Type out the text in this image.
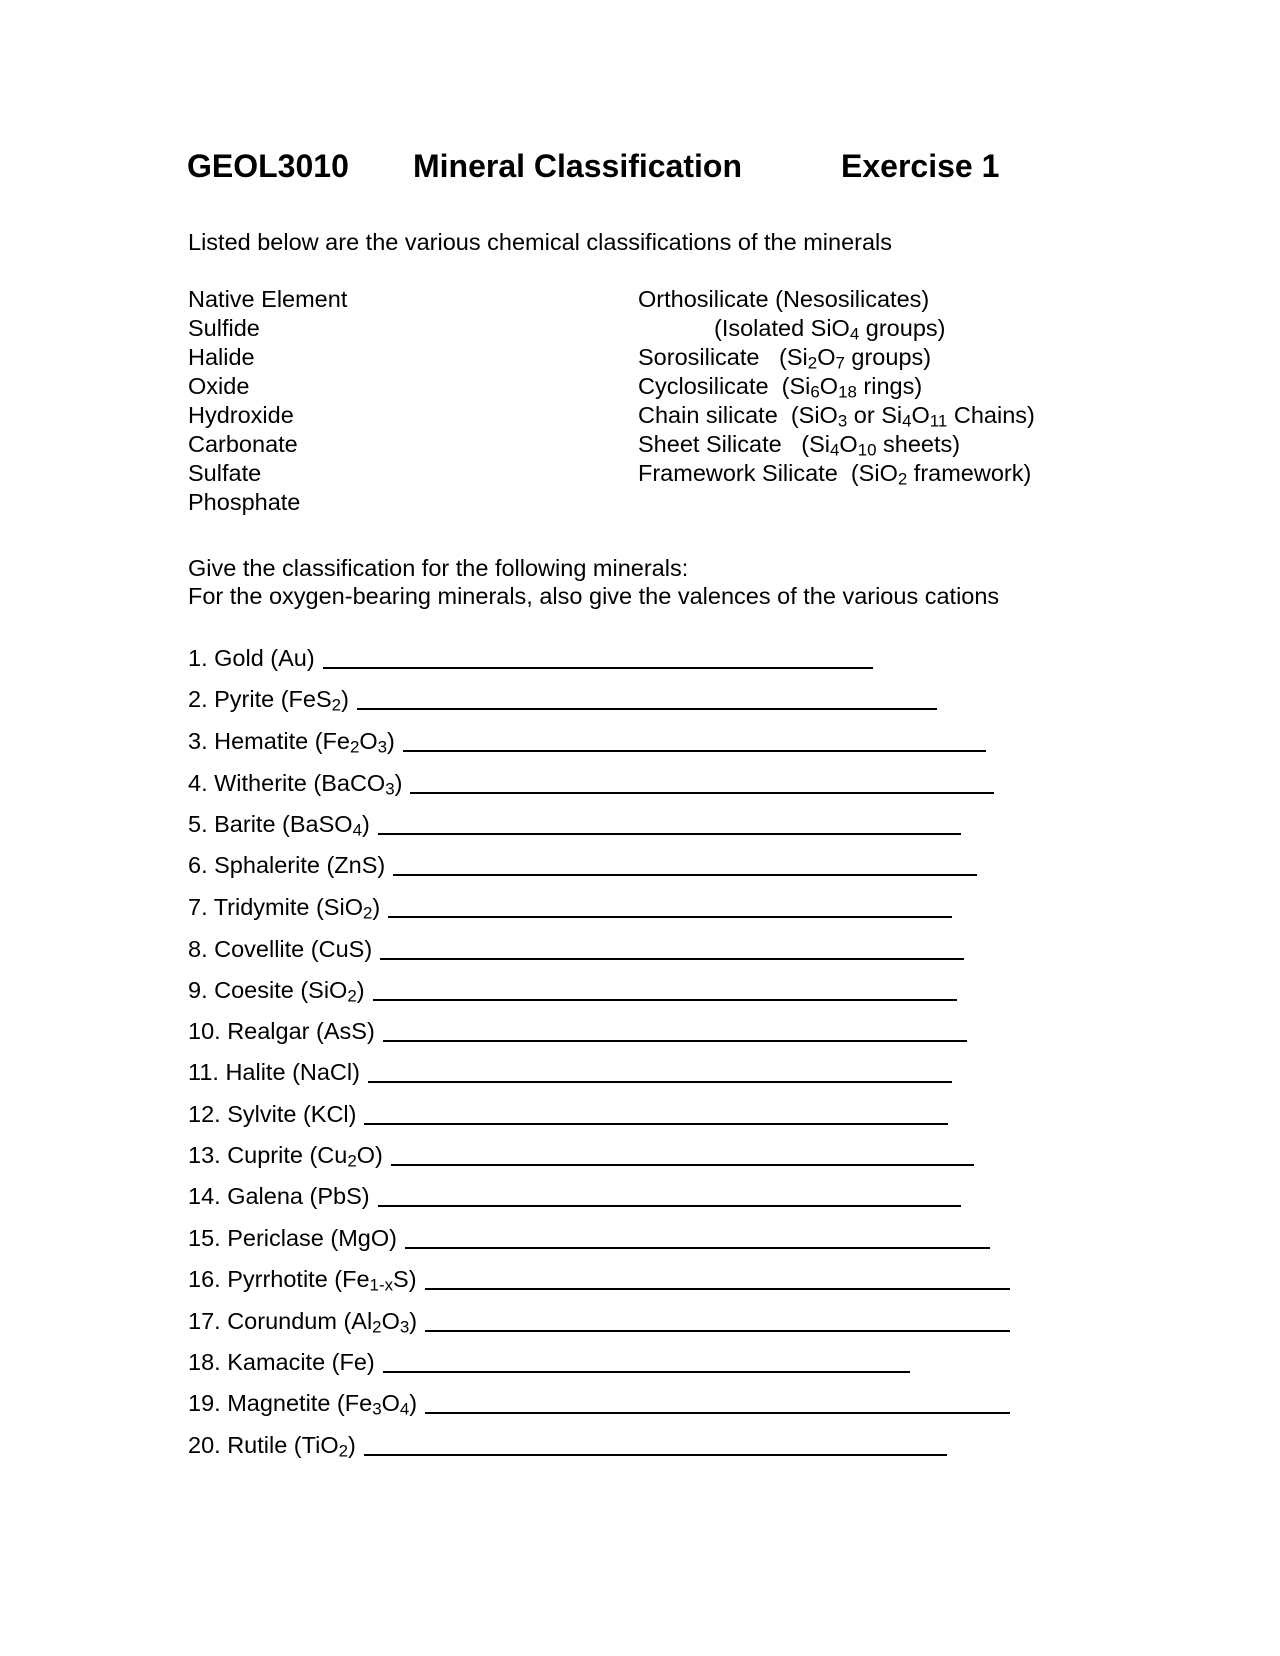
GEOL3010 Mineral Classification	Exercise 1
Listed below are the various chemical classifications of the minerals
Native Element
Sulfide
Halide
Oxide
Hydroxide
Carbonate
Sulfate
Phosphate
Orthosilicate (Nesosilicates)
(Isolated SiO$_4$ groups)
Sorosilicate   ($Si_2O_7$ groups)
Cyclosilicate  ($Si_6O_{18}$ rings)
Chain silicate  (SiO$_3$ or $Si_4O_{11}$ Chains)
Sheet Silicate   ($Si_4O_{10}$ sheets)
Framework Silicate  (SiO$_2$ framework)
Give the classification for the following minerals:
For the oxygen-bearing minerals, also give the valences of the various cations
1. Gold (Au)
2. Pyrite (FeS$_2$)
3. Hematite $(Fe_2O_3)$
4. Witherite (BaCO$_3$)
5. Barite (BaSO$_4$)
6. Sphalerite (ZnS)
7. Tridymite (SiO$_2$)
8. Covellite (CuS)
9. Coesite (SiO$_2$)
10. Realgar (AsS)
11. Halite (NaCl)
12. Sylvite (KCl)
13. Cuprite $(Cu_2O)$
14. Galena (PbS)
15. Periclase (MgO)
16. Pyrrhotite $(Fe_{1-x}S)$
17. Corundum $(Al_2O_3)$
18. Kamacite (Fe)
19. Magnetite $(Fe_3O_4)$
20. Rutile (TiO$_2$)
